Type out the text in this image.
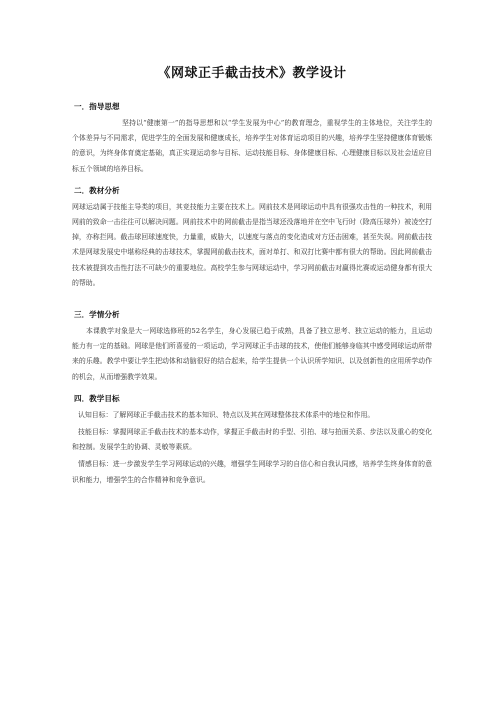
《网球正手截击技术》教学设计
一．指导思想

坚持以“健康第一”的指导思想和以“学生发展为中心”的教育理念，重视学生的主体地位，关注学生的个体差异与不同需求，促进学生的全面发展和健康成长，培养学生对体育运动项目的兴趣，培养学生坚持健康体育锻炼的意识，为终身体育奠定基础，真正实现运动参与目标、运动技能目标、身体健康目标、心理健康目标以及社会适应目标五个领域的培养目标。

二．教材分析

网球运动属于技能主导类的项目，其竞技能力主要在技术上。网前技术是网球运动中具有很强攻击性的一种技术，利用网前的致命一击往往可以解决问题。网前技术中的网前截击是指当球还没落地并在空中飞行时（除高压球外）被凌空打掉，亦称拦网。截击球回球速度快，力量重，威胁大，以速度与落点的变化造成对方还击困难，甚至失误。网前截击技术是网球发展史中堪称经典的击球技术，掌握网前截击技术，面对单打、和双打比赛中都有很大的帮助。因此网前截击技术被提到攻击性打法不可缺少的重要地位。高校学生参与网球运动中，学习网前截击对赢得比赛或运动健身都有很大的帮助。

三．学情分析

本课教学对象是大一网球选修班的52名学生，身心发展已趋于成熟，具备了独立思考、独立运动的能力，且运动能力有一定的基础。网球是他们所喜爱的一项运动，学习网球正手击球的技术，使他们能够身临其中感受网球运动所带来的乐趣。教学中要让学生把动体和动脑很好的结合起来，给学生提供一个认识所学知识、以及创新性的应用所学动作的机会，从而增强教学效果。

四．教学目标

认知目标：了解网球正手截击技术的基本知识、特点以及其在网球整体技术体系中的地位和作用。

技能目标：掌握网球正手截击技术的基本动作，掌握正手截击时的手型、引拍、球与拍面关系、步法以及重心的变化和控制。发展学生的协调、灵敏等素质。

情感目标：进一步激发学生学习网球运动的兴趣，增强学生网球学习的自信心和自我认同感，培养学生终身体育的意识和能力，增强学生的合作精神和竞争意识。
